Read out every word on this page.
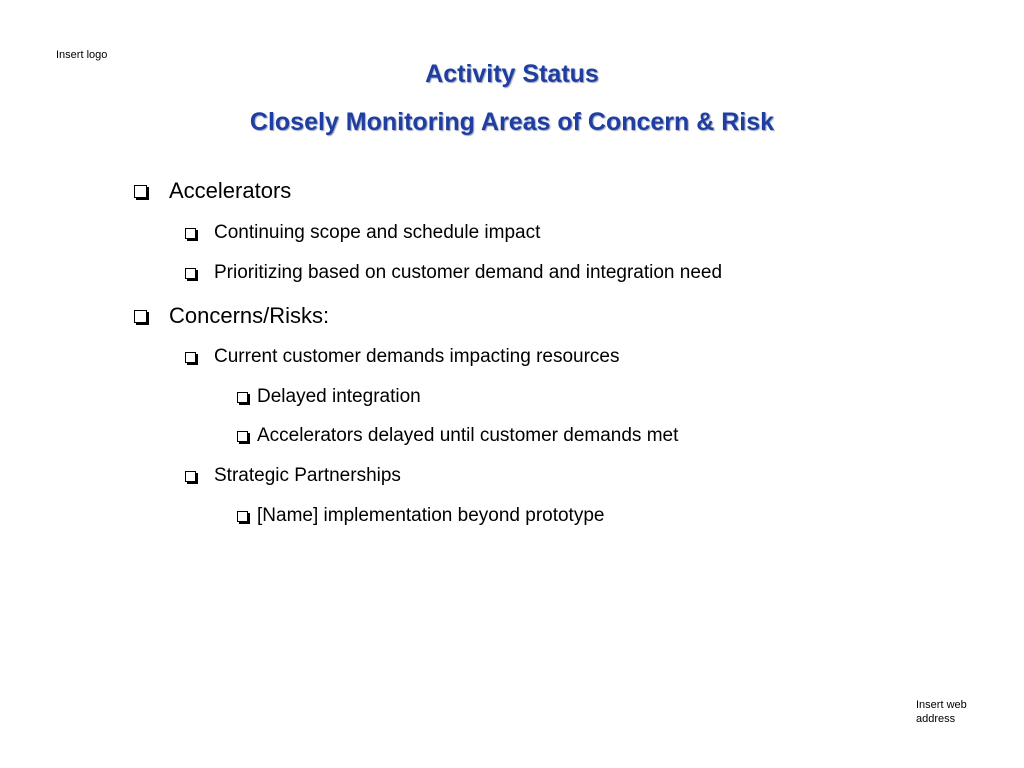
Insert logo
Activity Status
Closely Monitoring Areas of Concern & Risk
Accelerators
Continuing scope and schedule impact
Prioritizing based on customer demand and integration need
Concerns/Risks:
Current customer demands impacting resources
Delayed integration
Accelerators delayed until customer demands met
Strategic Partnerships
[Name] implementation beyond prototype
Insert web address
